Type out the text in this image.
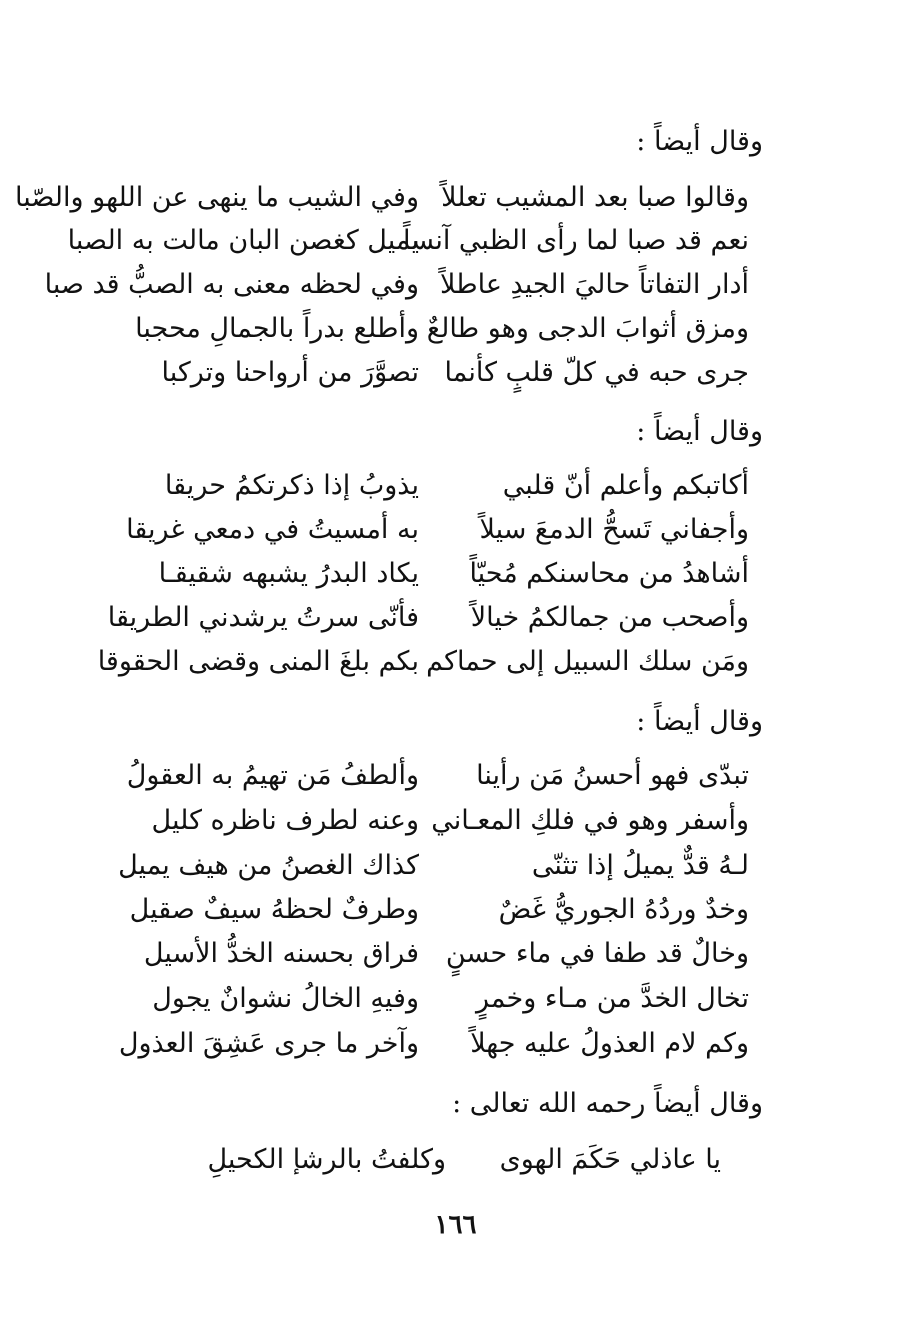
وقال أيضاً :
وقالوا صبا بعد المشيب تعللاً
وفي الشيب ما ينهى عن اللهو والصّبا
نعم قد صبا لما رأى الظبي آنساً
يميل كغصن البان مالت به الصبا
أدار التفاتاً حاليَ الجيدِ عاطلاً
وفي لحظه معنى به الصبُّ قد صبا
ومزق أثوابَ الدجى وهو طالعٌ
وأطلع بدراً بالجمالِ محجبا
جرى حبه في كلّ قلبٍ كأنما
تصوَّرَ من أرواحنا وتركبا
وقال أيضاً :
أكاتبكم وأعلم أنّ قلبي
يذوبُ إذا ذكرتكمُ حريقا
وأجفاني تَسحُّ الدمعَ سيلاً
به أمسيتُ في دمعي غريقا
أشاهدُ من محاسنكم مُحيّاً
يكاد البدرُ يشبهه شقيقـا
وأصحب من جمالكمُ خيالاً
فأنّى سرتُ يرشدني الطريقا
ومَن سلك السبيل إلى حماكم
بكم بلغَ المنى وقضى الحقوقا
وقال أيضاً :
تبدّى فهو أحسنُ مَن رأينا
وألطفُ مَن تهيمُ به العقولُ
وأسفر وهو في فلكِ المعـاني
وعنه لطرف ناظره كليل
لـهُ قدٌّ يميلُ إذا تثنّى
كذاك الغصنُ من هيف يميل
وخدٌ وردُهُ الجوريُّ غَضٌ
وطرفٌ لحظهُ سيفٌ صقيل
وخالٌ قد طفا في ماء حسنٍ
فراق بحسنه الخدُّ الأسيل
تخال الخدَّ من مـاء وخمرٍ
وفيهِ الخالُ نشوانٌ يجول
وكم لام العذولُ عليه جهلاً
وآخر ما جرى عَشِقَ العذول
وقال أيضاً رحمه الله تعالى :
يا عاذلي حَكَمَ الهوى
وكلفتُ بالرشإ الكحيلِ
١٦٦
